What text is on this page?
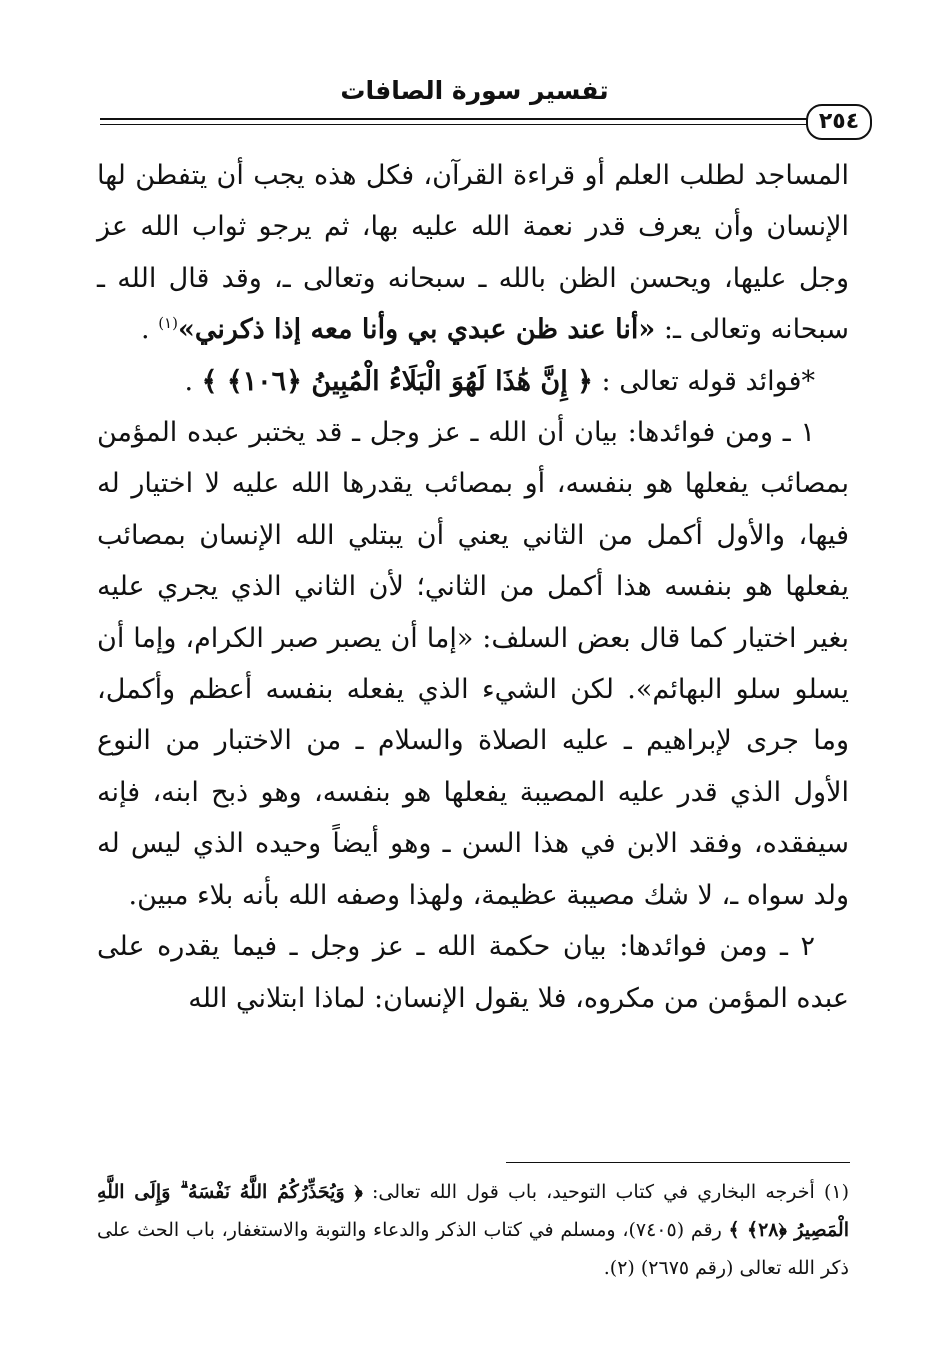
تفسير سورة الصافات
٢٥٤

المساجد لطلب العلم أو قراءة القرآن، فكل هذه يجب أن يتفطن لها الإنسان وأن يعرف قدر نعمة الله عليه بها، ثم يرجو ثواب الله عز وجل عليها، ويحسن الظن بالله ـ سبحانه وتعالى ـ، وقد قال الله ـ سبحانه وتعالى ـ: «أنا عند ظن عبدي بي وأنا معه إذا ذكرني»$^{(١)}$ .

*فوائد قوله تعالى : ﴿ إِنَّ هَٰذَا لَهُوَ الْبَلَاءُ الْمُبِينُ ﴿١٠٦﴾ ﴾ .

١ ـ ومن فوائدها: بيان أن الله ـ عز وجل ـ قد يختبر عبده المؤمن بمصائب يفعلها هو بنفسه، أو بمصائب يقدرها الله عليه لا اختيار له فيها، والأول أكمل من الثاني يعني أن يبتلي الله الإنسان بمصائب يفعلها هو بنفسه هذا أكمل من الثاني؛ لأن الثاني الذي يجري عليه بغير اختيار كما قال بعض السلف: «إما أن يصبر صبر الكرام، وإما أن يسلو سلو البهائم». لكن الشيء الذي يفعله بنفسه أعظم وأكمل، وما جرى لإبراهيم ـ عليه الصلاة والسلام ـ من الاختبار من النوع الأول الذي قدر عليه المصيبة يفعلها هو بنفسه، وهو ذبح ابنه، فإنه سيفقده، وفقد الابن في هذا السن ـ وهو أيضاً وحيده الذي ليس له ولد سواه ـ، لا شك مصيبة عظيمة، ولهذا وصفه الله بأنه بلاء مبين.

٢ ـ ومن فوائدها: بيان حكمة الله ـ عز وجل ـ فيما يقدره على عبده المؤمن من مكروه، فلا يقول الإنسان: لماذا ابتلاني الله

(١) أخرجه البخاري في كتاب التوحيد، باب قول الله تعالى: ﴿ وَيُحَذِّرُكُمُ اللَّهُ نَفْسَهُ ۗ وَإِلَى اللَّهِ الْمَصِيرُ ﴿٢٨﴾ ﴾ رقم (٧٤٠٥)، ومسلم في كتاب الذكر والدعاء والتوبة والاستغفار، باب الحث على ذكر الله تعالى (رقم ٢٦٧٥) (٢).
